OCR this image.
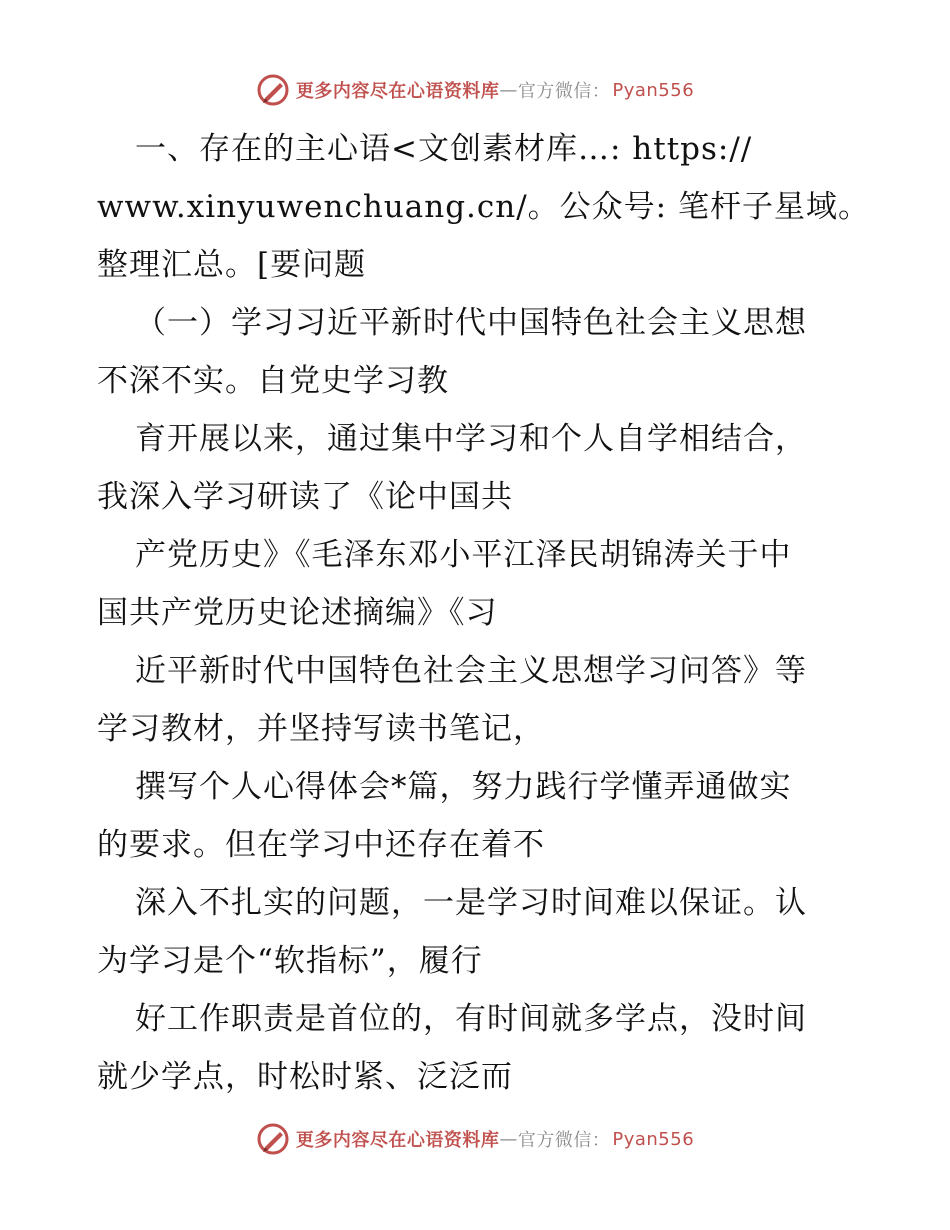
更多内容尽在心语资料库 — 官方微信： Pyan556
一、存在的主心语<文创素材库…: https://
www.xinyuwenchuang.cn/。公众号: 笔杆子星域。
整理汇总。[要问题
（一）学习习近平新时代中国特色社会主义思想
不深不实。自党史学习教
育开展以来，通过集中学习和个人自学相结合，
我深入学习研读了《论中国共
产党历史》《毛泽东邓小平江泽民胡锦涛关于中
国共产党历史论述摘编》《习
近平新时代中国特色社会主义思想学习问答》等
学习教材，并坚持写读书笔记，
撰写个人心得体会*篇，努力践行学懂弄通做实
的要求。但在学习中还存在着不
深入不扎实的问题，一是学习时间难以保证。认
为学习是个“软指标”，履行
好工作职责是首位的，有时间就多学点，没时间
就少学点，时松时紧、泛泛而
更多内容尽在心语资料库 — 官方微信： Pyan556
